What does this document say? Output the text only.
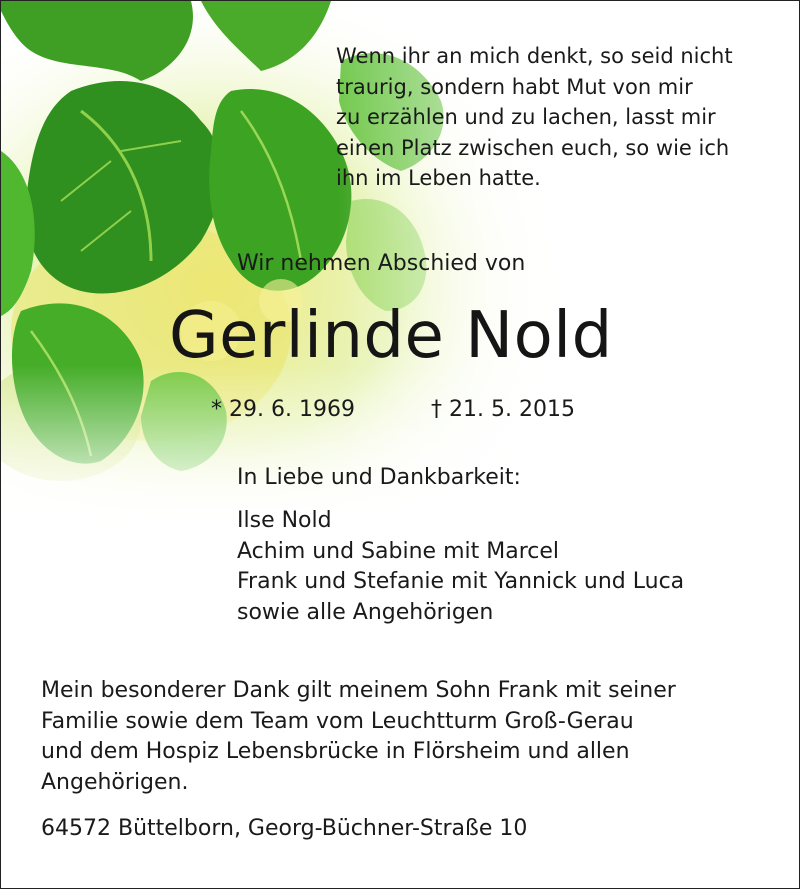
Wenn ihr an mich denkt, so seid nicht
traurig, sondern habt Mut von mir
zu erzählen und zu lachen, lasst mir
einen Platz zwischen euch, so wie ich
ihn im Leben hatte.
Wir nehmen Abschied von
Gerlinde Nold
* 29. 6. 1969	† 21. 5. 2015
In Liebe und Dankbarkeit:
Ilse Nold
Achim und Sabine mit Marcel
Frank und Stefanie mit Yannick und Luca
sowie alle Angehörigen
Mein besonderer Dank gilt meinem Sohn Frank mit seiner
Familie sowie dem Team vom Leuchtturm Groß-Gerau
und dem Hospiz Lebensbrücke in Flörsheim und allen
Angehörigen.
64572 Büttelborn, Georg-Büchner-Straße 10
